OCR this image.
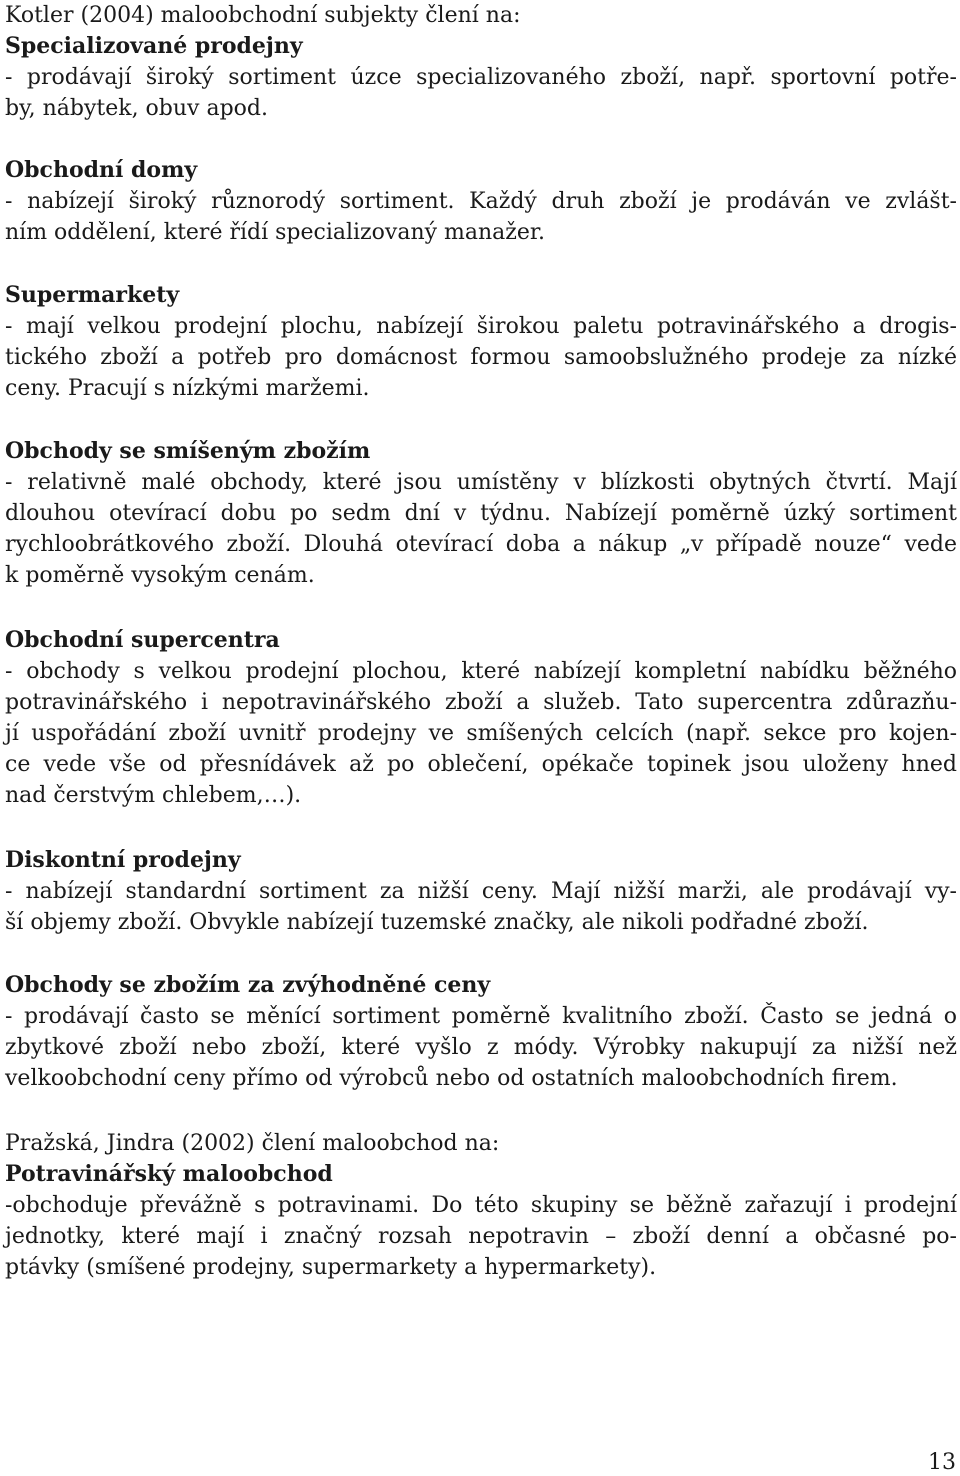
Kotler (2004) maloobchodní subjekty člení na:
Specializované prodejny
- prodávají široký sortiment úzce specializovaného zboží, např. sportovní potře-
by, nábytek, obuv apod.
Obchodní domy
- nabízejí široký různorodý sortiment. Každý druh zboží je prodáván ve zvlášt-
ním oddělení, které řídí specializovaný manažer.
Supermarkety
- mají velkou prodejní plochu, nabízejí širokou paletu potravinářského a drogis-
tického zboží a potřeb pro domácnost formou samoobslužného prodeje za nízké
ceny. Pracují s nízkými maržemi.
Obchody se smíšeným zbožím
- relativně malé obchody, které jsou umístěny v blízkosti obytných čtvrtí. Mají
dlouhou otevírací dobu po sedm dní v týdnu. Nabízejí poměrně úzký sortiment
rychloobrátkového zboží. Dlouhá otevírací doba a nákup „v případě nouze“ vede
k poměrně vysokým cenám.
Obchodní supercentra
- obchody s velkou prodejní plochou, které nabízejí kompletní nabídku běžného
potravinářského i nepotravinářského zboží a služeb. Tato supercentra zdůrazňu-
jí uspořádání zboží uvnitř prodejny ve smíšených celcích (např. sekce pro kojen-
ce vede vše od přesnídávek až po oblečení, opékače topinek jsou uloženy hned
nad čerstvým chlebem,…).
Diskontní prodejny
- nabízejí standardní sortiment za nižší ceny. Mají nižší marži, ale prodávají vy-
ší objemy zboží. Obvykle nabízejí tuzemské značky, ale nikoli podřadné zboží.
Obchody se zbožím za zvýhodněné ceny
- prodávají často se měnící sortiment poměrně kvalitního zboží. Často se jedná o
zbytkové zboží nebo zboží, které vyšlo z módy. Výrobky nakupují za nižší než
velkoobchodní ceny přímo od výrobců nebo od ostatních maloobchodních firem.
Pražská, Jindra (2002) člení maloobchod na:
Potravinářský maloobchod
-obchoduje převážně s potravinami. Do této skupiny se běžně zařazují i prodejní
jednotky, které mají i značný rozsah nepotravin – zboží denní a občasné po-
ptávky (smíšené prodejny, supermarkety a hypermarkety).
13
